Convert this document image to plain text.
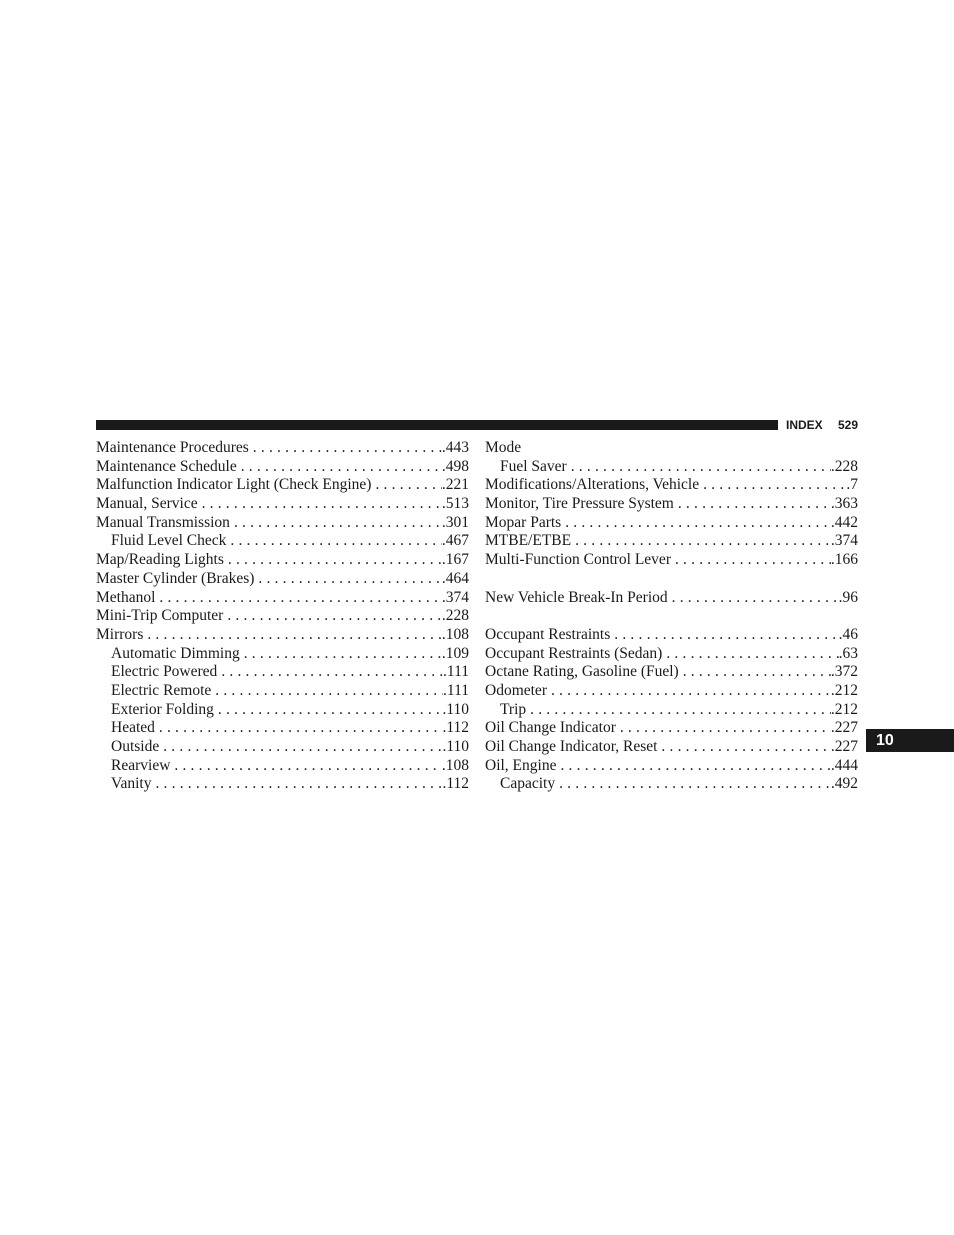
INDEX 529
Maintenance Procedures .....	.443
Maintenance Schedule .....	.498
Malfunction Indicator Light (Check Engine) .....	.221
Manual, Service .....	.513
Manual Transmission .....	.301
Fluid Level Check .....	.467
Map/Reading Lights .....	.167
Master Cylinder (Brakes) .....	.464
Methanol .....	.374
Mini-Trip Computer .....	.228
Mirrors .....	.108
Automatic Dimming .....	.109
Electric Powered .....	.111
Electric Remote .....	.111
Exterior Folding .....	.110
Heated .....	.112
Outside .....	.110
Rearview .....	.108
Vanity .....	.112
Mode
Fuel Saver .....	.228
Modifications/Alterations, Vehicle .....	.7
Monitor, Tire Pressure System .....	.363
Mopar Parts .....	.442
MTBE/ETBE .....	.374
Multi-Function Control Lever .....	.166
New Vehicle Break-In Period .....	.96
Occupant Restraints .....	.46
Occupant Restraints (Sedan) .....	.63
Octane Rating, Gasoline (Fuel) .....	.372
Odometer .....	.212
Trip .....	.212
Oil Change Indicator .....	.227
Oil Change Indicator, Reset .....	.227
Oil, Engine .....	.444
Capacity .....	.492
10
